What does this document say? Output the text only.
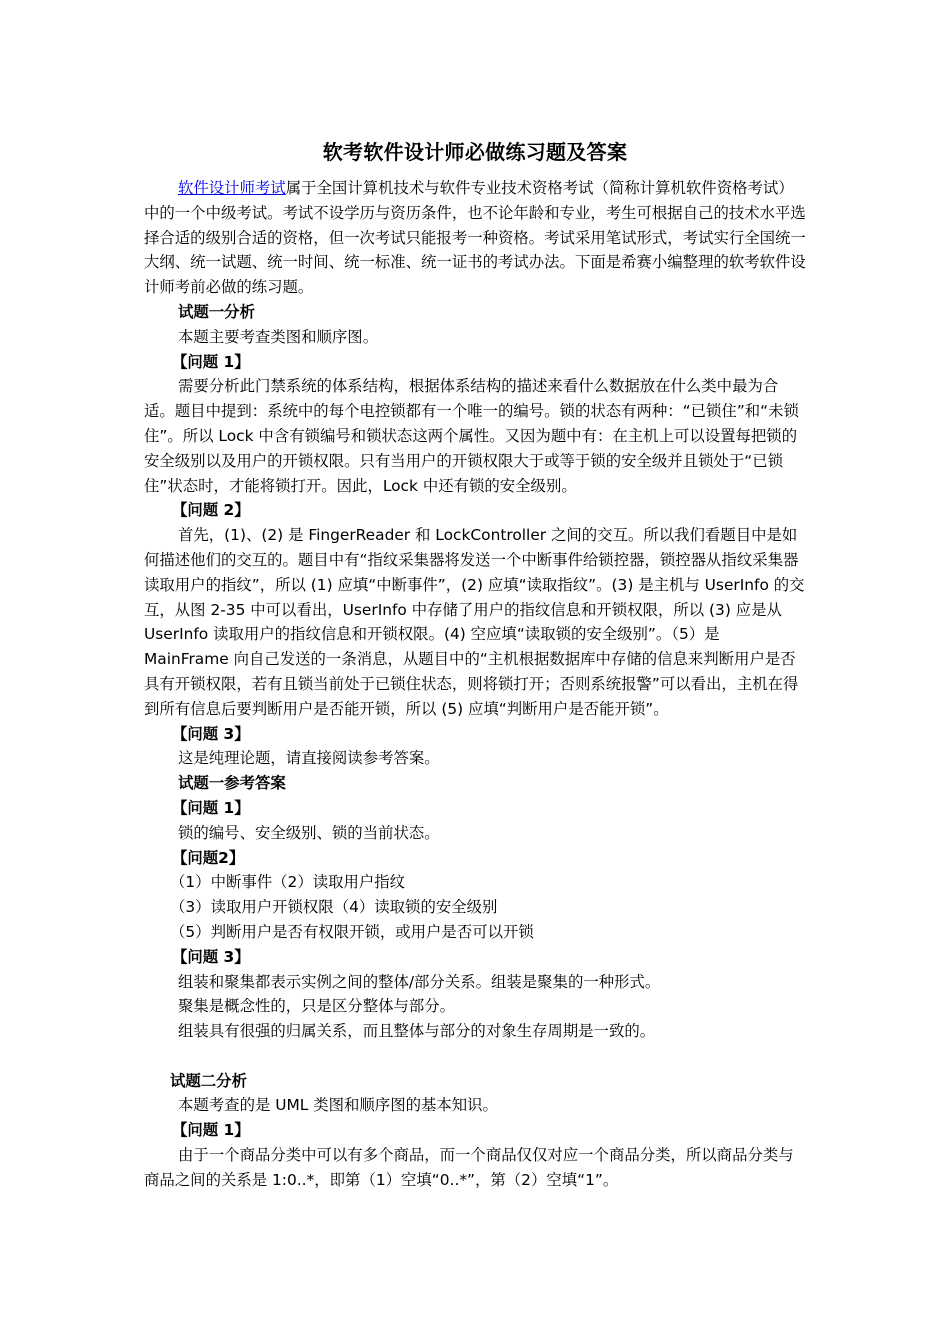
软考软件设计师必做练习题及答案

软件设计师考试属于全国计算机技术与软件专业技术资格考试（简称计算机软件资格考试）中的一个中级考试。考试不设学历与资历条件，也不论年龄和专业，考生可根据自己的技术水平选择合适的级别合适的资格，但一次考试只能报考一种资格。考试采用笔试形式，考试实行全国统一大纲、统一试题、统一时间、统一标准、统一证书的考试办法。下面是希赛小编整理的软考软件设计师考前必做的练习题。

试题一分析

本题主要考查类图和顺序图。

【问题 1】

需要分析此门禁系统的体系结构，根据体系结构的描述来看什么数据放在什么类中最为合适。题目中提到：系统中的每个电控锁都有一个唯一的编号。锁的状态有两种：“已锁住”和“未锁住”。所以 Lock 中含有锁编号和锁状态这两个属性。又因为题中有：在主机上可以设置每把锁的安全级别以及用户的开锁权限。只有当用户的开锁权限大于或等于锁的安全级并且锁处于“已锁住”状态时，才能将锁打开。因此，Lock 中还有锁的安全级别。

【问题 2】

首先，(1)、(2) 是 FingerReader 和 LockController 之间的交互。所以我们看题目中是如何描述他们的交互的。题目中有“指纹采集器将发送一个中断事件给锁控器，锁控器从指纹采集器读取用户的指纹”，所以 (1) 应填“中断事件”，(2) 应填“读取指纹”。(3) 是主机与 UserInfo 的交互，从图 2-35 中可以看出，UserInfo 中存储了用户的指纹信息和开锁权限，所以 (3) 应是从 UserInfo 读取用户的指纹信息和开锁权限。(4) 空应填“读取锁的安全级别”。（5）是 MainFrame 向自己发送的一条消息，从题目中的“主机根据数据库中存储的信息来判断用户是否具有开锁权限，若有且锁当前处于已锁住状态，则将锁打开；否则系统报警”可以看出，主机在得到所有信息后要判断用户是否能开锁，所以 (5) 应填“判断用户是否能开锁”。

【问题 3】

这是纯理论题，请直接阅读参考答案。

试题一参考答案

【问题 1】

锁的编号、安全级别、锁的当前状态。

【问题2】

（1）中断事件（2）读取用户指纹

（3）读取用户开锁权限（4）读取锁的安全级别

（5）判断用户是否有权限开锁，或用户是否可以开锁

【问题 3】

组装和聚集都表示实例之间的整体/部分关系。组装是聚集的一种形式。

聚集是概念性的，只是区分整体与部分。

组装具有很强的归属关系，而且整体与部分的对象生存周期是一致的。

试题二分析

本题考查的是 UML 类图和顺序图的基本知识。

【问题 1】

由于一个商品分类中可以有多个商品，而一个商品仅仅对应一个商品分类，所以商品分类与商品之间的关系是 1:0..*，即第（1）空填“0..*”，第（2）空填“1”。
